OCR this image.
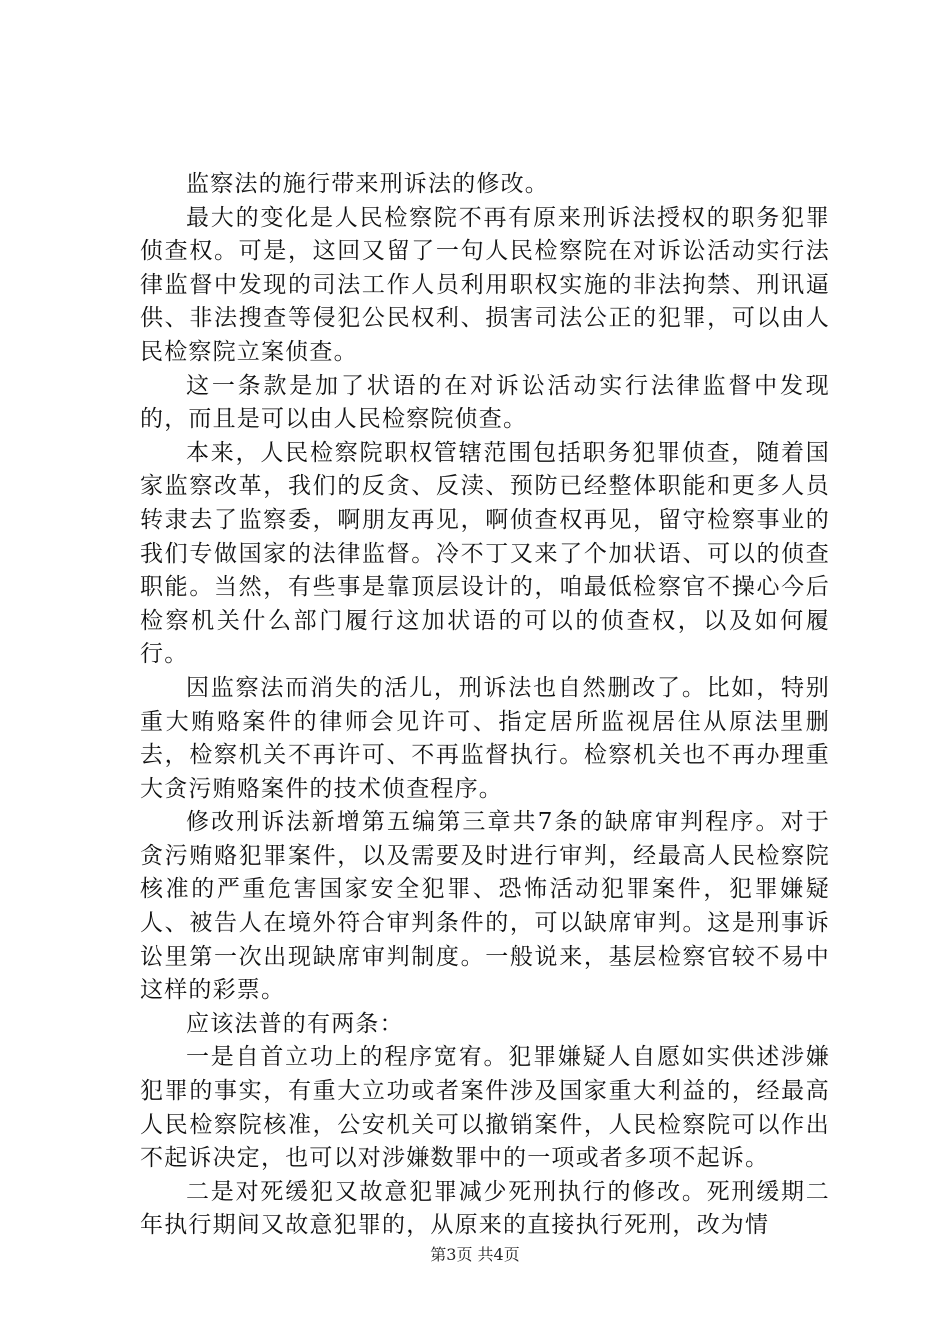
监察法的施行带来刑诉法的修改。

最大的变化是人民检察院不再有原来刑诉法授权的职务犯罪侦查权。可是，这回又留了一句人民检察院在对诉讼活动实行法律监督中发现的司法工作人员利用职权实施的非法拘禁、刑讯逼供、非法搜查等侵犯公民权利、损害司法公正的犯罪，可以由人民检察院立案侦查。

这一条款是加了状语的在对诉讼活动实行法律监督中发现的，而且是可以由人民检察院侦查。

本来，人民检察院职权管辖范围包括职务犯罪侦查，随着国家监察改革，我们的反贪、反渎、预防已经整体职能和更多人员转隶去了监察委，啊朋友再见，啊侦查权再见，留守检察事业的我们专做国家的法律监督。冷不丁又来了个加状语、可以的侦查职能。当然，有些事是靠顶层设计的，咱最低检察官不操心今后检察机关什么部门履行这加状语的可以的侦查权，以及如何履行。

因监察法而消失的活儿，刑诉法也自然删改了。比如，特别重大贿赂案件的律师会见许可、指定居所监视居住从原法里删去，检察机关不再许可、不再监督执行。检察机关也不再办理重大贪污贿赂案件的技术侦查程序。

修改刑诉法新增第五编第三章共7条的缺席审判程序。对于贪污贿赂犯罪案件，以及需要及时进行审判，经最高人民检察院核准的严重危害国家安全犯罪、恐怖活动犯罪案件，犯罪嫌疑人、被告人在境外符合审判条件的，可以缺席审判。这是刑事诉讼里第一次出现缺席审判制度。一般说来，基层检察官较不易中这样的彩票。

应该法普的有两条：

一是自首立功上的程序宽宥。犯罪嫌疑人自愿如实供述涉嫌犯罪的事实，有重大立功或者案件涉及国家重大利益的，经最高人民检察院核准，公安机关可以撤销案件，人民检察院可以作出不起诉决定，也可以对涉嫌数罪中的一项或者多项不起诉。

二是对死缓犯又故意犯罪减少死刑执行的修改。死刑缓期二年执行期间又故意犯罪的，从原来的直接执行死刑，改为情

第3页 共4页
